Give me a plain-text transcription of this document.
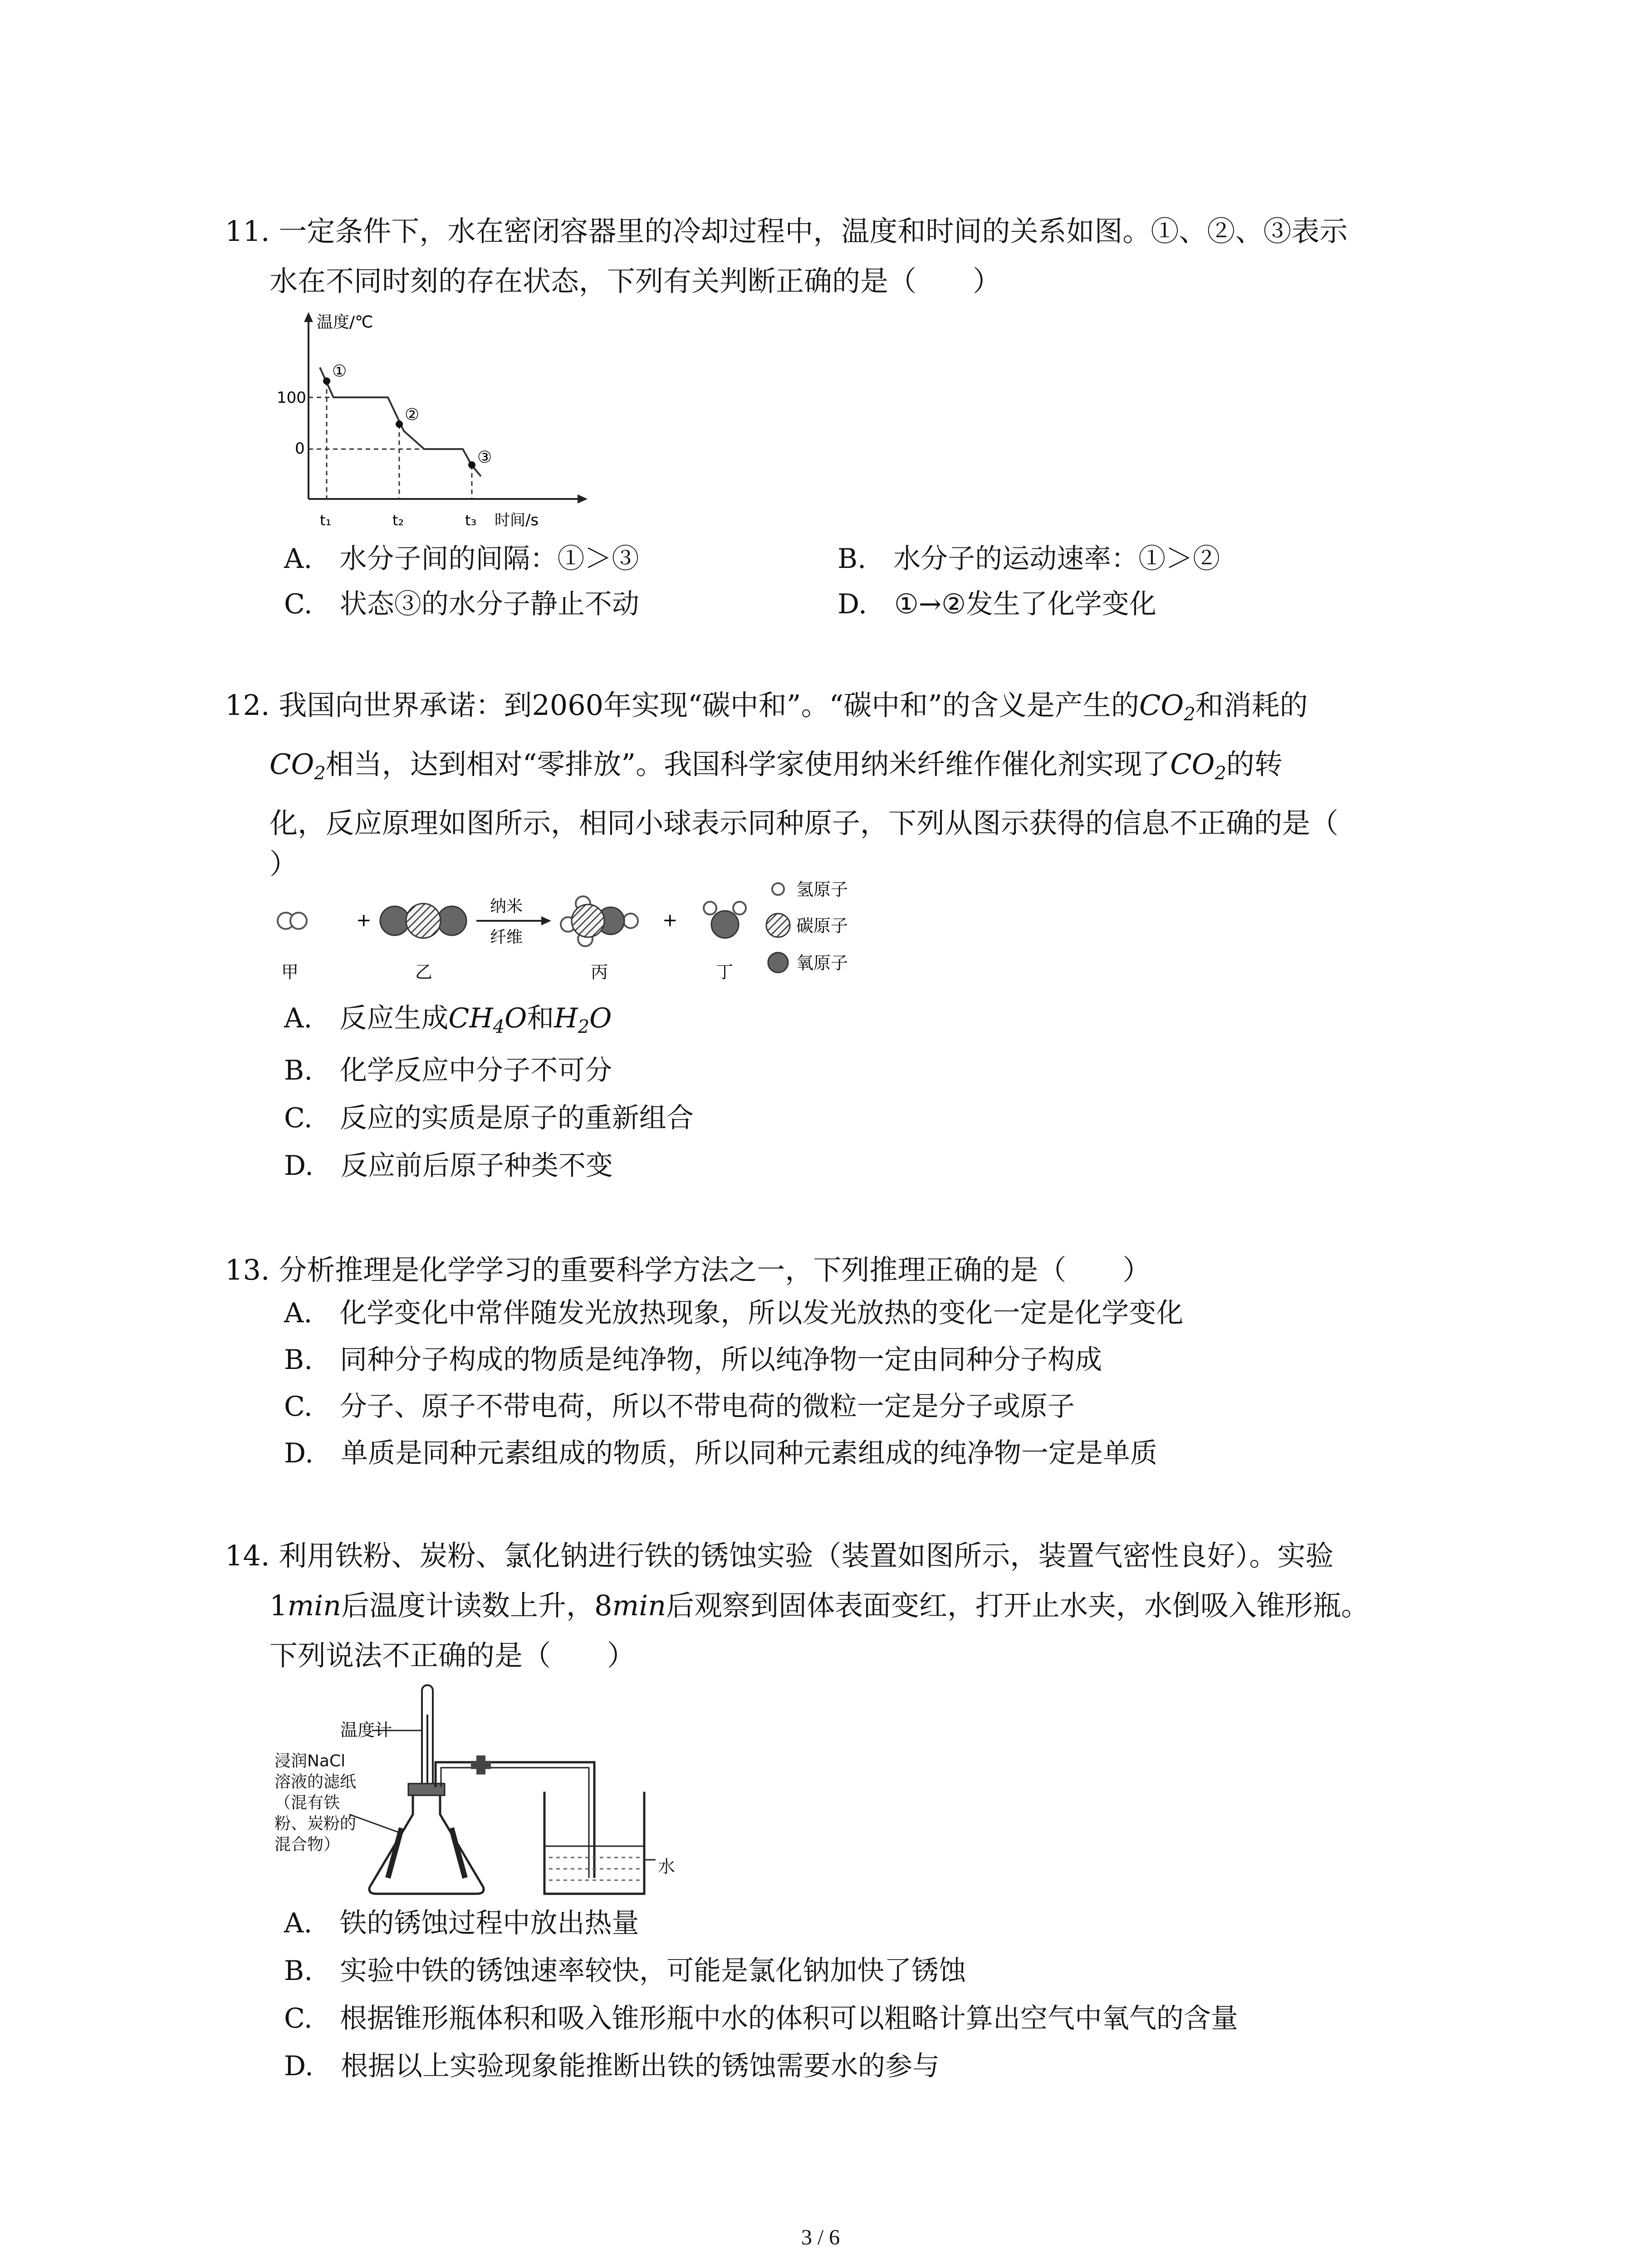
11. 一定条件下，水在密闭容器里的冷却过程中，温度和时间的关系如图。①、②、③表示

水在不同时刻的存在状态，下列有关判断正确的是（　　）

温度/℃
100
0
①
②
③
t₁	t₂	t₃ 时间/s
A.  水分子间的间隔：①＞③	B.  水分子的运动速率：①＞②
C.  状态③的水分子静止不动	D.  ①→②发生了化学变化

12. 我国向世界承诺：到2060年实现“碳中和”。“碳中和”的含义是产生的$CO_2$和消耗的

$CO_2$相当，达到相对“零排放”。我国科学家使用纳米纤维作催化剂实现了$CO_2$的转

化，反应原理如图所示，相同小球表示同种原子，下列从图示获得的信息不正确的是（

）

+
纳米
纤维
+
氢原子
碳原子
氧原子
甲	乙	丙	丁
A.  反应生成$CH_4O$和$H_2O$
B.  化学反应中分子不可分
C.  反应的实质是原子的重新组合
D.  反应前后原子种类不变

13. 分析推理是化学学习的重要科学方法之一，下列推理正确的是（　　）

A.  化学变化中常伴随发光放热现象，所以发光放热的变化一定是化学变化
B.  同种分子构成的物质是纯净物，所以纯净物一定由同种分子构成
C.  分子、原子不带电荷，所以不带电荷的微粒一定是分子或原子
D.  单质是同种元素组成的物质，所以同种元素组成的纯净物一定是单质

14. 利用铁粉、炭粉、氯化钠进行铁的锈蚀实验（装置如图所示，装置气密性良好）。实验

1min后温度计读数上升，8min后观察到固体表面变红，打开止水夹，水倒吸入锥形瓶。

下列说法不正确的是（　　）

温度计
水
浸润NaCl
溶液的滤纸
（混有铁
粉、炭粉的
混合物）
A.  铁的锈蚀过程中放出热量
B.  实验中铁的锈蚀速率较快，可能是氯化钠加快了锈蚀
C.  根据锥形瓶体积和吸入锥形瓶中水的体积可以粗略计算出空气中氧气的含量
D.  根据以上实验现象能推断出铁的锈蚀需要水的参与
3 / 6
